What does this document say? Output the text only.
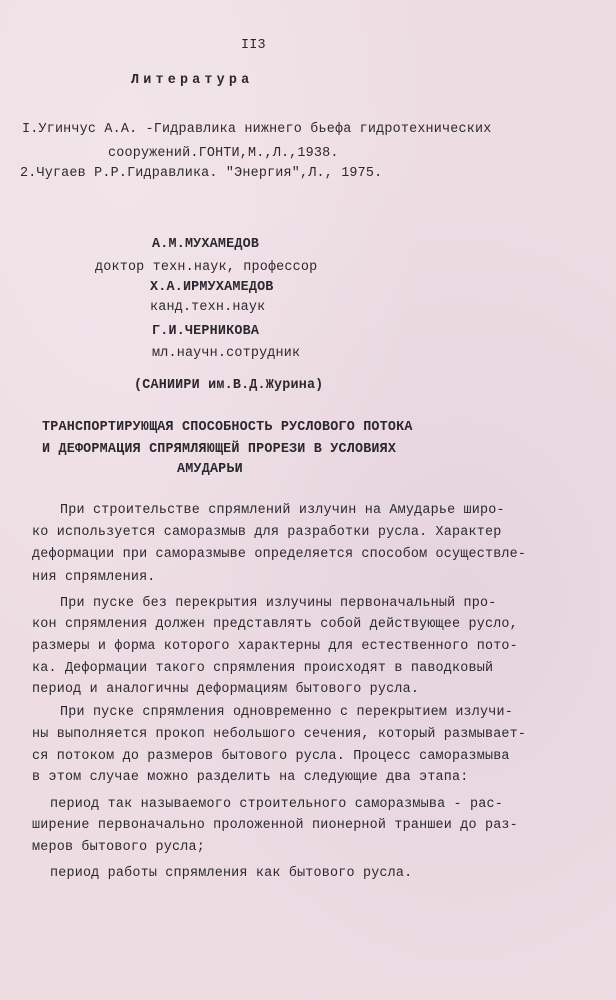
II3
Литература
I.Угинчус А.А. -Гидравлика нижнего бьефа гидротехнических
сооружений.ГОНТИ,М.,Л.,1938.
2.Чугаев Р.Р.Гидравлика. "Энергия",Л., 1975.
А.М.МУХАМЕДОВ
доктор техн.наук, профессор
Х.А.ИРМУХАМЕДОВ
канд.техн.наук
Г.И.ЧЕРНИКОВА
мл.научн.сотрудник
(САНИИРИ им.В.Д.Журина)
ТРАНСПОРТИРУЮЩАЯ СПОСОБНОСТЬ РУСЛОВОГО ПОТОКА
И ДЕФОРМАЦИЯ СПРЯМЛЯЮЩЕЙ ПРОРЕЗИ В УСЛОВИЯХ
АМУДАРЬИ
При строительстве спрямлений излучин на Амударье широ-
ко используется саморазмыв для разработки русла. Характер
деформации при саморазмыве определяется способом осуществле-
ния спрямления.
При пуске без перекрытия излучины первоначальный про-
кон спрямления должен представлять собой действующее русло,
размеры и форма которого характерны для естественного пото-
ка. Деформации такого спрямления происходят в паводковый
период и аналогичны деформациям бытового русла.
При пуске спрямления одновременно с перекрытием излучи-
ны выполняется прокоп небольшого сечения, который размывает-
ся потоком до размеров бытового русла. Процесс саморазмыва
в этом случае можно разделить на следующие два этапа:
период так называемого строительного саморазмыва - рас-
ширение первоначально проложенной пионерной траншеи до раз-
меров бытового русла;
период работы спрямления как бытового русла.
